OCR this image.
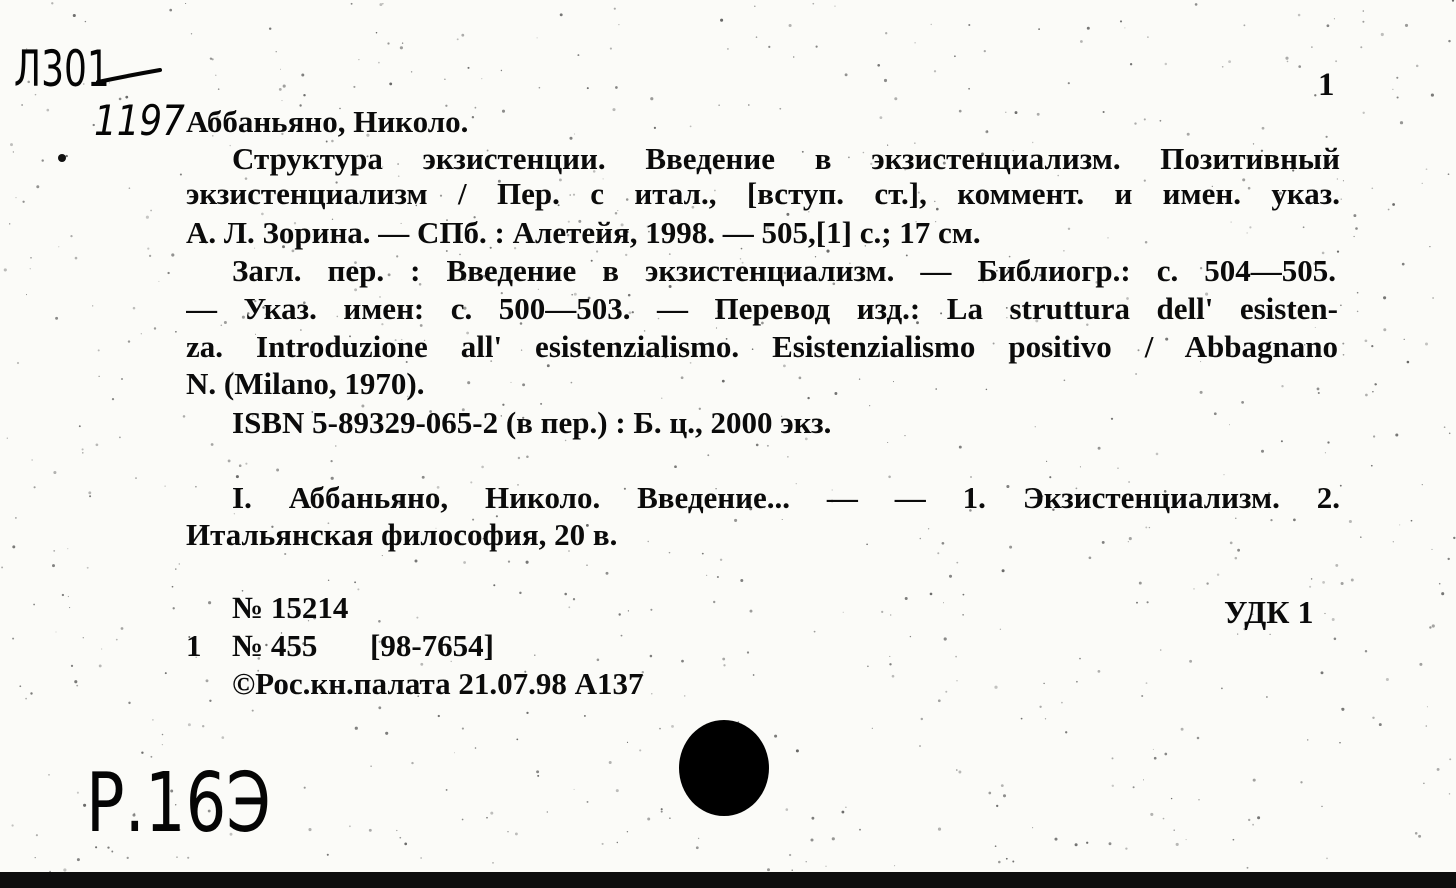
Л301
1197
1
Аббаньяно, Николо.
Структура экзистенции. Введение в экзистенциализм. Позитивный
экзистенциализм / Пер. с итал., [вступ. ст.], коммент. и имен. указ.
А. Л. Зорина. — СПб. : Алетейя, 1998. — 505,[1] с.; 17 см.
Загл. пер. : Введение в экзистенциализм. — Библиогр.: с. 504—505.
— Указ. имен: с. 500—503. — Перевод изд.: La struttura dell' esisten-
za. Introduzione all' esistenzialismo. Esistenzialismo positivo / Abbagnano
N. (Milano, 1970).
ISBN 5-89329-065-2 (в пер.) : Б. ц., 2000 экз.
I. Аббаньяно, Николо. Введение... — — 1. Экзистенциализм. 2.
Итальянская философия, 20 в.
№ 15214	УДК 1
1 № 455 [98-7654]
©Рос.кн.палата 21.07.98 А137
Р.16Э
